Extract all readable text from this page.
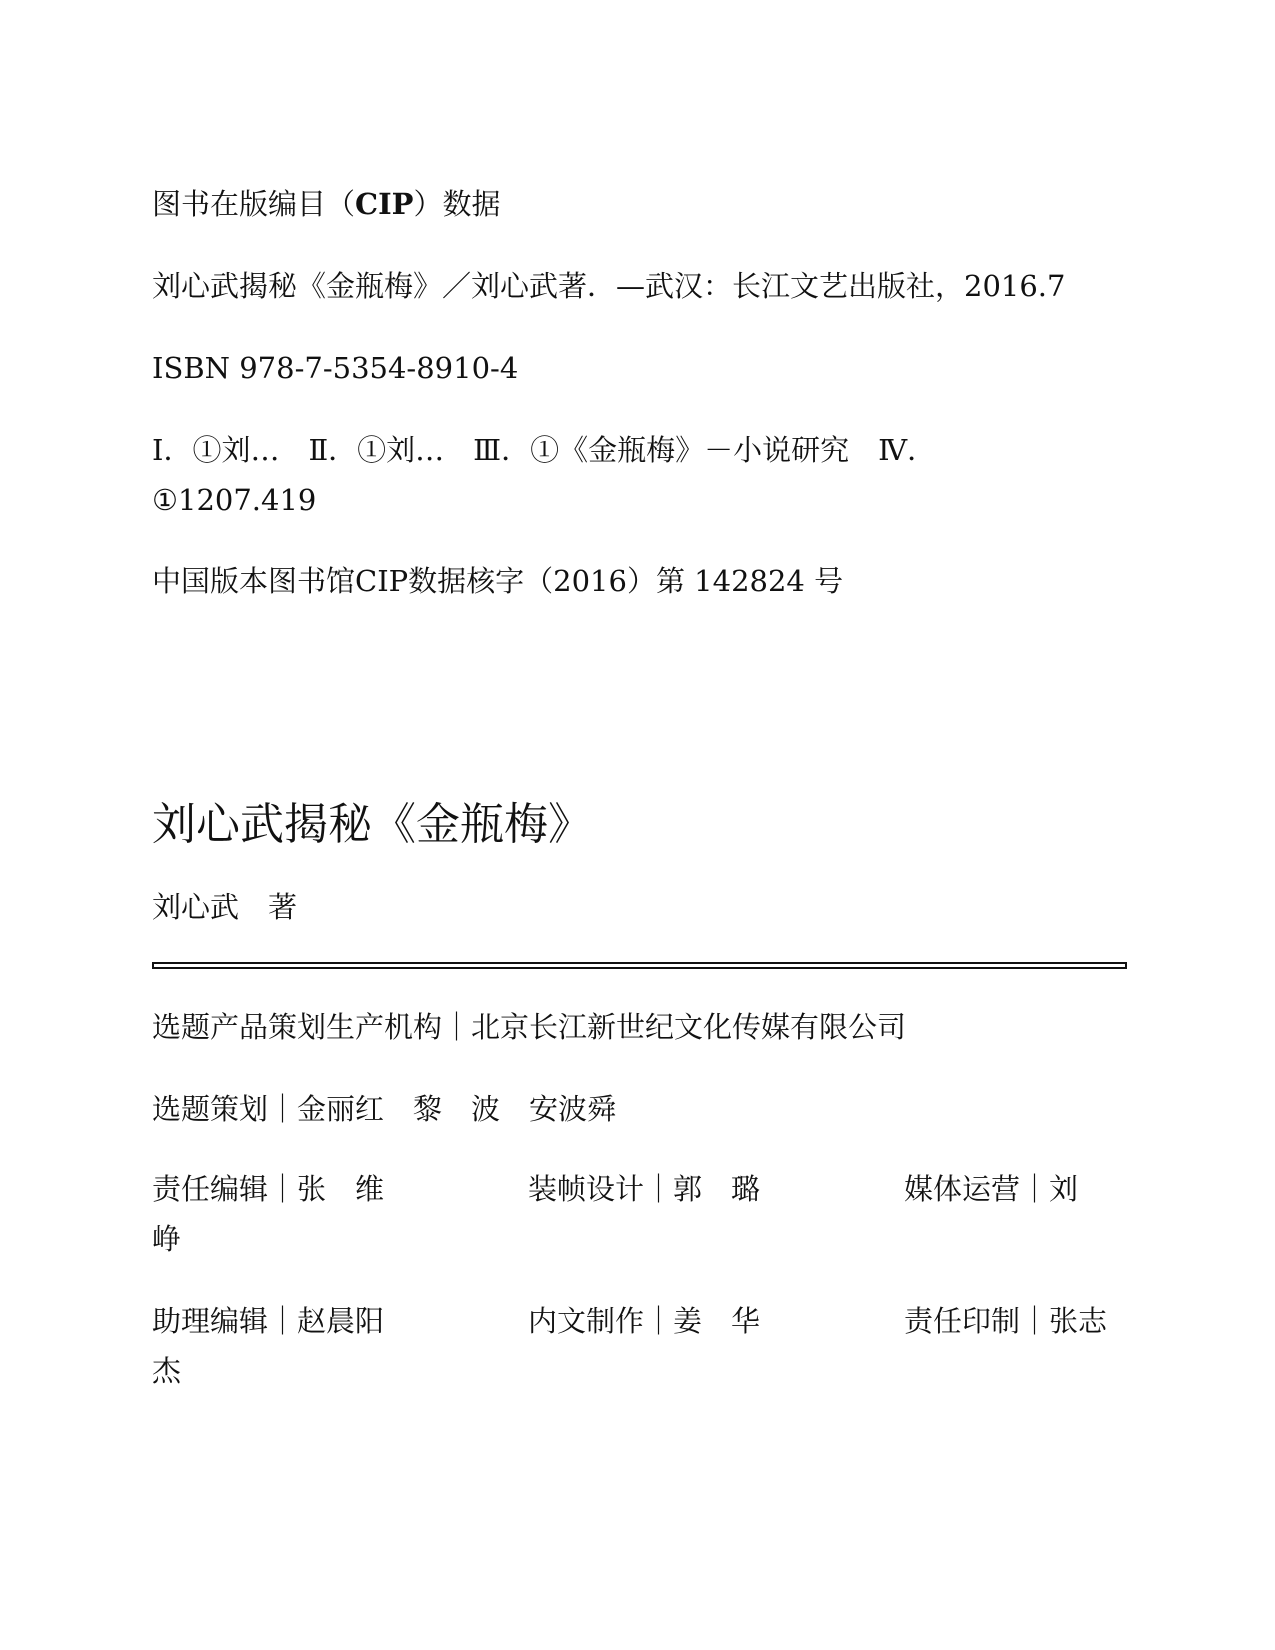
图书在版编目（CIP）数据
刘心武揭秘《金瓶梅》／刘心武著．—武汉：长江文艺出版社，2016.7
ISBN 978-7-5354-8910-4
Ⅰ．①刘…　Ⅱ．①刘…　Ⅲ．①《金瓶梅》－小说研究　Ⅳ．
①1207.419
中国版本图书馆CIP数据核字（2016）第 142824 号
刘心武揭秘《金瓶梅》
刘心武　著
选题产品策划生产机构｜北京长江新世纪文化传媒有限公司
选题策划｜金丽红　黎　波　安波舜
责任编辑｜张　维	装帧设计｜郭　璐	媒体运营｜刘
峥
助理编辑｜赵晨阳	内文制作｜姜　华	责任印制｜张志
杰
